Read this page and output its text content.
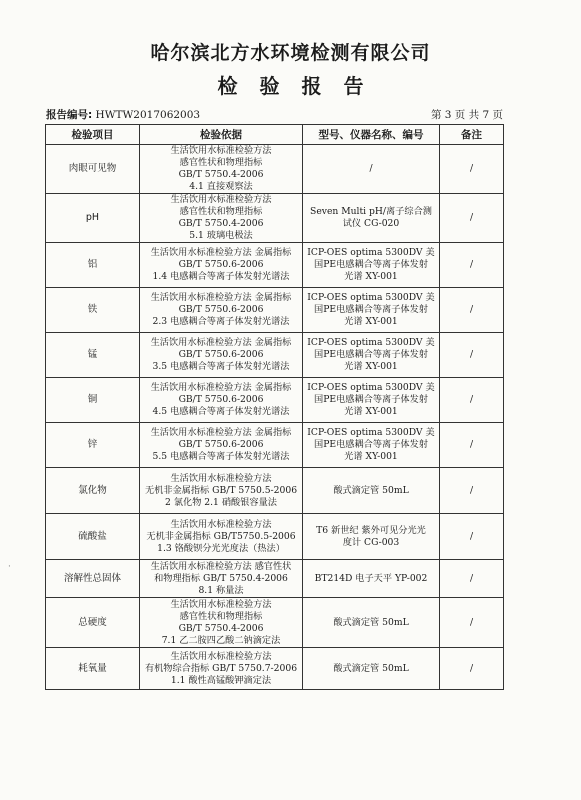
哈尔滨北方水环境检测有限公司
检验报告
报告编号: HWTW2017062003	第 3 页 共 7 页
检验项目	检验依据	型号、仪器名称、编号	备注
肉眼可见物	生活饮用水标准检验方法
感官性状和物理指标
GB/T 5750.4-2006
4.1 直接观察法	/	/
pH	生活饮用水标准检验方法
感官性状和物理指标
GB/T 5750.4-2006
5.1 玻璃电极法	Seven Multi pH/离子综合测
试仪 CG-020	/
铝	生活饮用水标准检验方法 金属指标
GB/T 5750.6-2006
1.4 电感耦合等离子体发射光谱法	ICP-OES optima 5300DV 美
国PE电感耦合等离子体发射
光谱 XY-001	/
铁	生活饮用水标准检验方法 金属指标
GB/T 5750.6-2006
2.3 电感耦合等离子体发射光谱法	ICP-OES optima 5300DV 美
国PE电感耦合等离子体发射
光谱 XY-001	/
锰	生活饮用水标准检验方法 金属指标
GB/T 5750.6-2006
3.5 电感耦合等离子体发射光谱法	ICP-OES optima 5300DV 美
国PE电感耦合等离子体发射
光谱 XY-001	/
铜	生活饮用水标准检验方法 金属指标
GB/T 5750.6-2006
4.5 电感耦合等离子体发射光谱法	ICP-OES optima 5300DV 美
国PE电感耦合等离子体发射
光谱 XY-001	/
锌	生活饮用水标准检验方法 金属指标
GB/T 5750.6-2006
5.5 电感耦合等离子体发射光谱法	ICP-OES optima 5300DV 美
国PE电感耦合等离子体发射
光谱 XY-001	/
氯化物	生活饮用水标准检验方法
无机非金属指标 GB/T 5750.5-2006
2 氯化物 2.1 硝酸银容量法	酸式滴定管 50mL	/
硫酸盐	生活饮用水标准检验方法
无机非金属指标 GB/T5750.5-2006
1.3 铬酸钡分光光度法（热法）	T6 新世纪 紫外可见分光光
度计 CG-003	/
溶解性总固体	生活饮用水标准检验方法 感官性状
和物理指标 GB/T 5750.4-2006
8.1 称量法	BT214D 电子天平 YP-002	/
总硬度	生活饮用水标准检验方法
感官性状和物理指标
GB/T 5750.4-2006
7.1 乙二胺四乙酸二钠滴定法	酸式滴定管 50mL	/
耗氧量	生活饮用水标准检验方法
有机物综合指标 GB/T 5750.7-2006
1.1 酸性高锰酸钾滴定法	酸式滴定管 50mL	/
·
